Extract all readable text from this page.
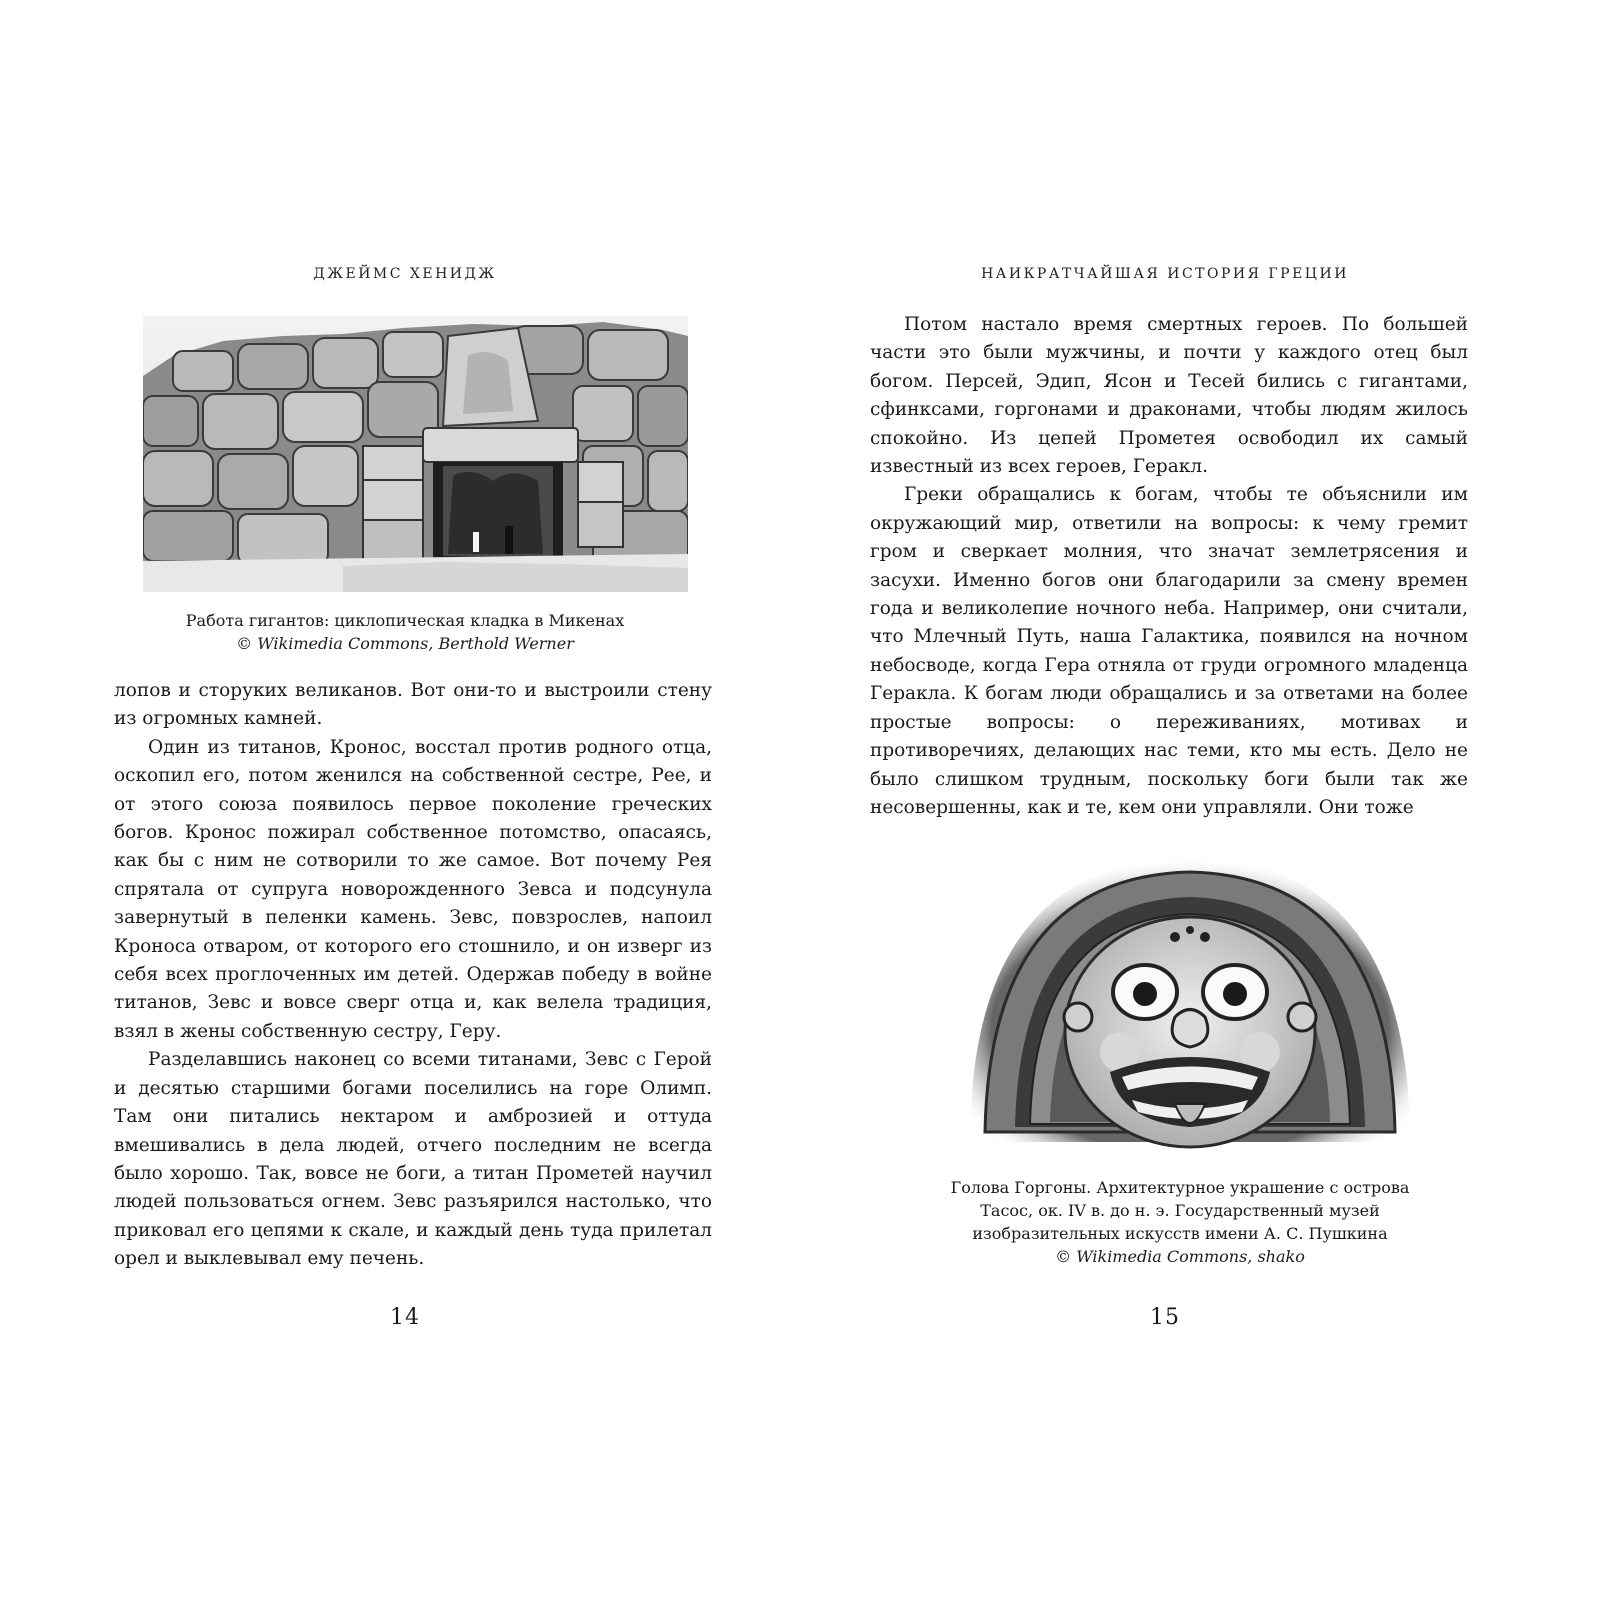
ДЖЕЙМС ХЕНИДЖ
Работа гигантов: циклопическая кладка в Микенах
© Wikimedia Commons, Berthold Werner

лопов и сторуких великанов. Вот они-то и выстроили стену из огромных камней.

Один из титанов, Кронос, восстал против родного отца, оскопил его, потом женился на собственной сестре, Рее, и от этого союза появилось первое поколение греческих богов. Кронос пожирал собственное потомство, опасаясь, как бы с ним не сотворили то же самое. Вот почему Рея спрятала от супруга новорожденного Зевса и подсунула завернутый в пеленки камень. Зевс, повзрослев, напоил Кроноса отваром, от которого его стошнило, и он изверг из себя всех проглоченных им детей. Одержав победу в войне титанов, Зевс и вовсе сверг отца и, как велела традиция, взял в жены собственную сестру, Геру.

Разделавшись наконец со всеми титанами, Зевс с Герой и десятью старшими богами поселились на горе Олимп. Там они питались нектаром и амброзией и оттуда вмешивались в дела людей, отчего последним не всегда было хорошо. Так, вовсе не боги, а титан Прометей научил людей пользоваться огнем. Зевс разъярился настолько, что приковал его цепями к скале, и каждый день туда прилетал орел и выклевывал ему печень.

14
НАИКРАТЧАЙШАЯ ИСТОРИЯ ГРЕЦИИ

Потом настало время смертных героев. По большей части это были мужчины, и почти у каждого отец был богом. Персей, Эдип, Ясон и Тесей бились с гигантами, сфинксами, горгонами и драконами, чтобы людям жилось спокойно. Из цепей Прометея освободил их самый известный из всех героев, Геракл.

Греки обращались к богам, чтобы те объяснили им окружающий мир, ответили на вопросы: к чему гремит гром и сверкает молния, что значат землетрясения и засухи. Именно богов они благодарили за смену времен года и великолепие ночного неба. Например, они считали, что Млечный Путь, наша Галактика, появился на ночном небосводе, когда Гера отняла от груди огромного младенца Геракла. К богам люди обращались и за ответами на более простые вопросы: о переживаниях, мотивах и противоречиях, делающих нас теми, кто мы есть. Дело не было слишком трудным, поскольку боги были так же несовершенны, как и те, кем они управляли. Они тоже

Голова Горгоны. Архитектурное украшение с острова
Тасос, ок. IV в. до н. э. Государственный музей
изобразительных искусств имени А. С. Пушкина
© Wikimedia Commons, shako
15
